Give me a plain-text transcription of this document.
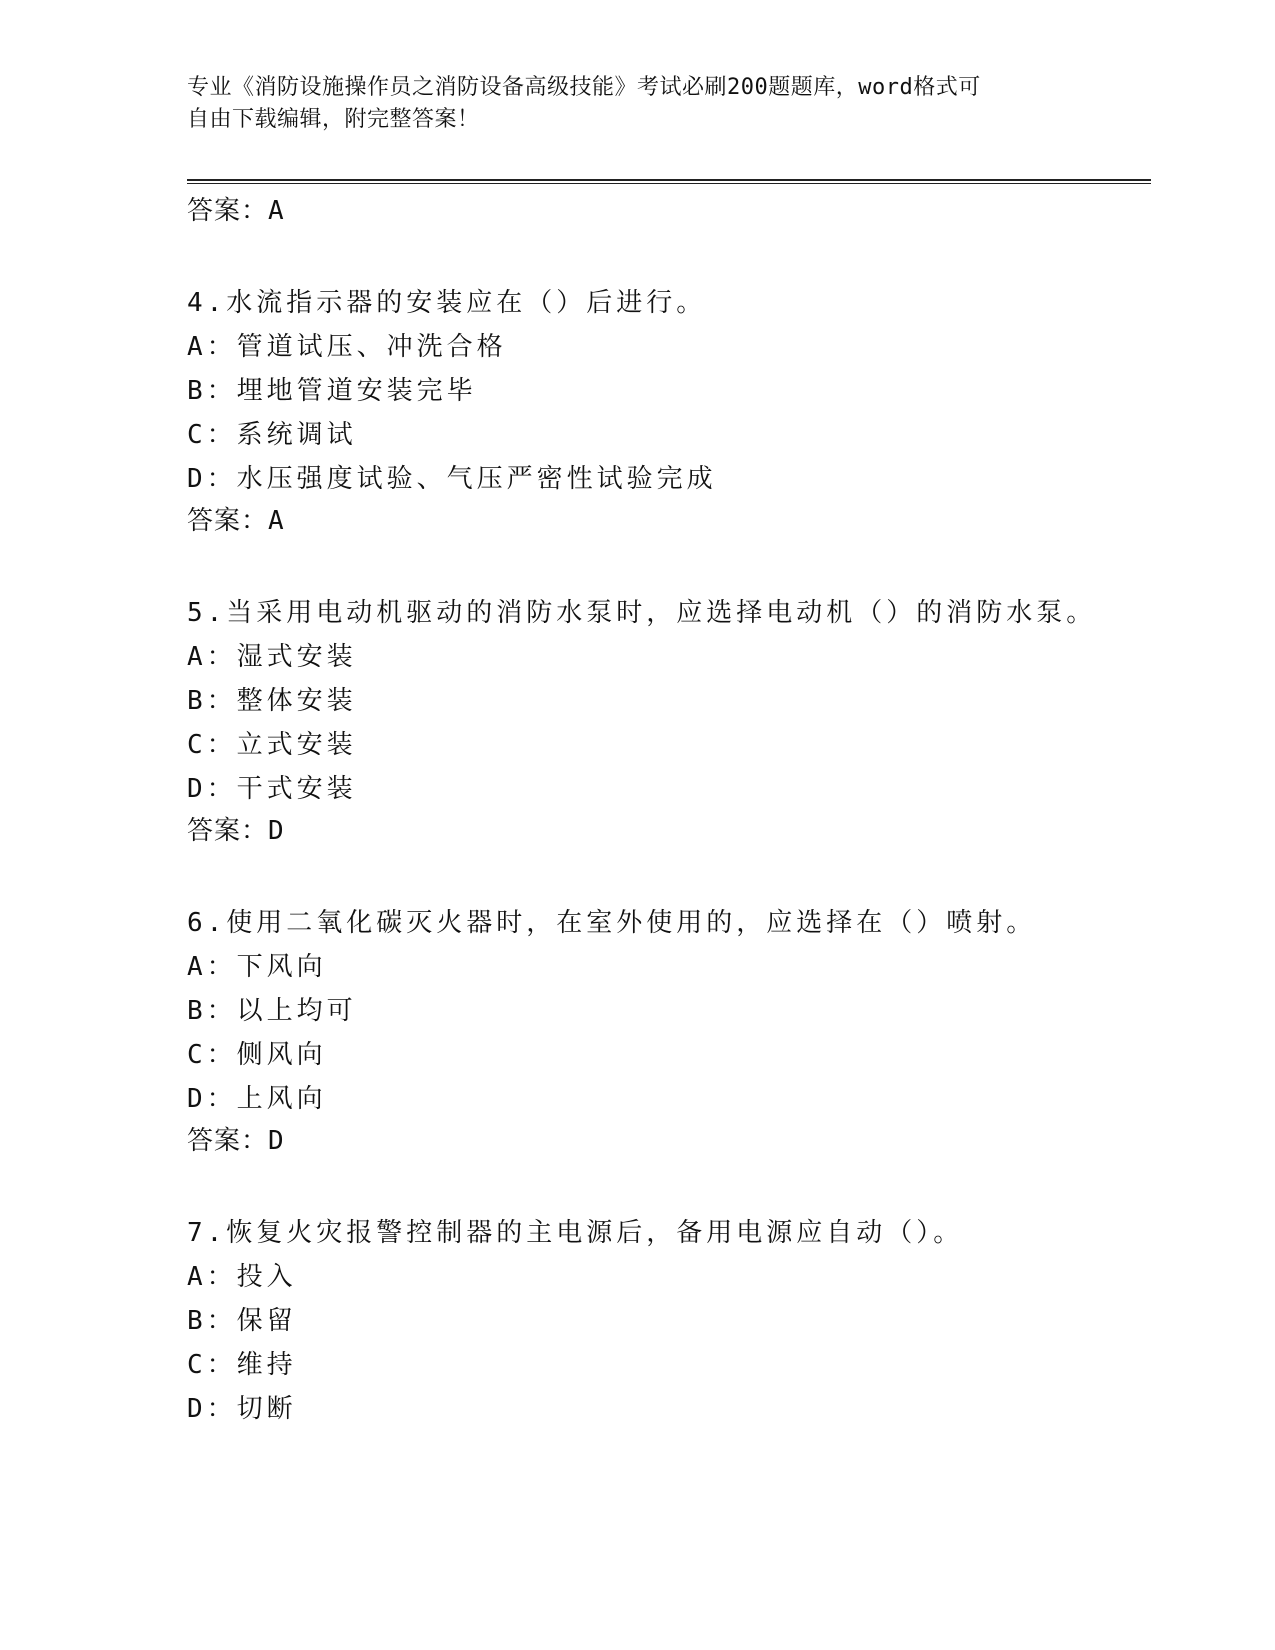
专业《消防设施操作员之消防设备高级技能》考试必刷200题题库，word格式可
自由下载编辑，附完整答案！
答案：A
4.水流指示器的安装应在（）后进行。
A：管道试压、冲洗合格
B：埋地管道安装完毕
C：系统调试
D：水压强度试验、气压严密性试验完成
答案：A
5.当采用电动机驱动的消防水泵时，应选择电动机（）的消防水泵。
A：湿式安装
B：整体安装
C：立式安装
D：干式安装
答案：D
6.使用二氧化碳灭火器时，在室外使用的，应选择在（）喷射。
A：下风向
B：以上均可
C：侧风向
D：上风向
答案：D
7.恢复火灾报警控制器的主电源后，备用电源应自动（）。
A：投入
B：保留
C：维持
D：切断
